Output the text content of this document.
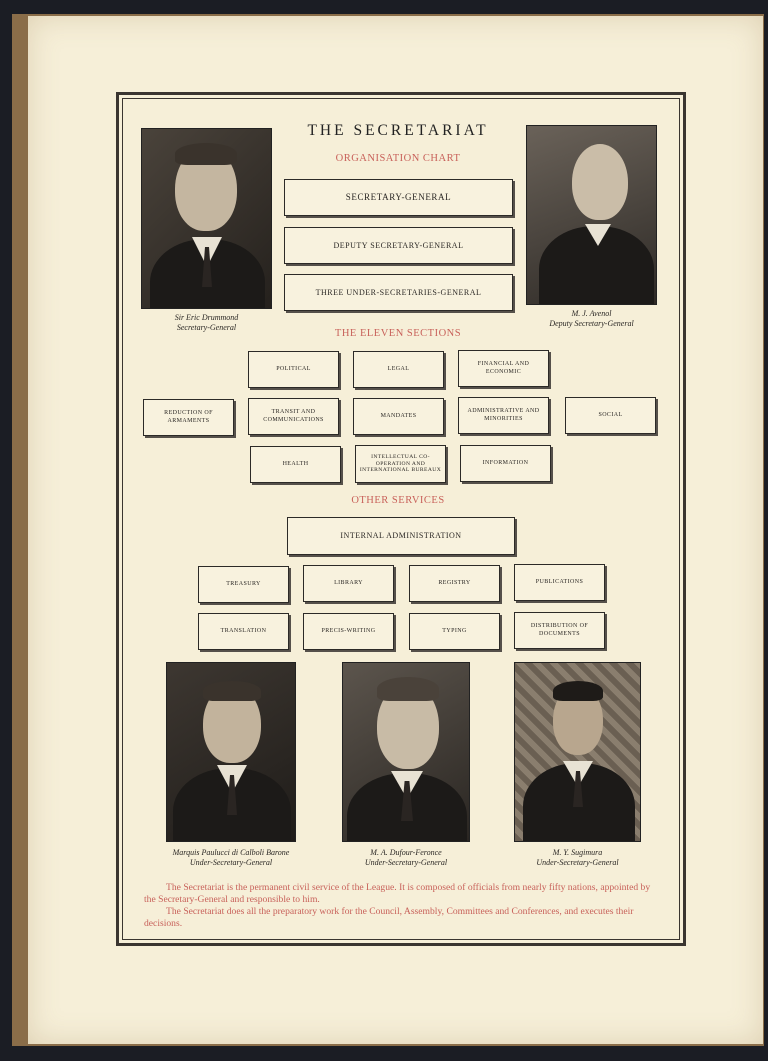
THE SECRETARIAT
ORGANISATION CHART
SECRETARY-GENERAL
DEPUTY SECRETARY-GENERAL
THREE UNDER-SECRETARIES-GENERAL
Sir Eric Drummond
Secretary-General
M. J. Avenol
Deputy Secretary-General
THE ELEVEN SECTIONS
POLITICAL	LEGAL
FINANCIAL AND ECONOMIC
REDUCTION OF ARMAMENTS
TRANSIT AND COMMUNICATIONS
MANDATES
ADMINISTRATIVE AND MINORITIES
SOCIAL
HEALTH
INTELLECTUAL CO-OPERATION AND INTERNATIONAL BUREAUX
INFORMATION
OTHER SERVICES
INTERNAL ADMINISTRATION
TREASURY	LIBRARY	REGISTRY	PUBLICATIONS
TRANSLATION	PRECIS-WRITING	TYPING
DISTRIBUTION OF DOCUMENTS
Marquis Paulucci di Calboli Barone
Under-Secretary-General
M. A. Dufour-Feronce
Under-Secretary-General
M. Y. Sugimura
Under-Secretary-General
The Secretariat is the permanent civil service of the League. It is composed of officials from nearly fifty nations, appointed by the Secretary-General and responsible to him.
The Secretariat does all the preparatory work for the Council, Assembly, Committees and Conferences, and executes their decisions.
